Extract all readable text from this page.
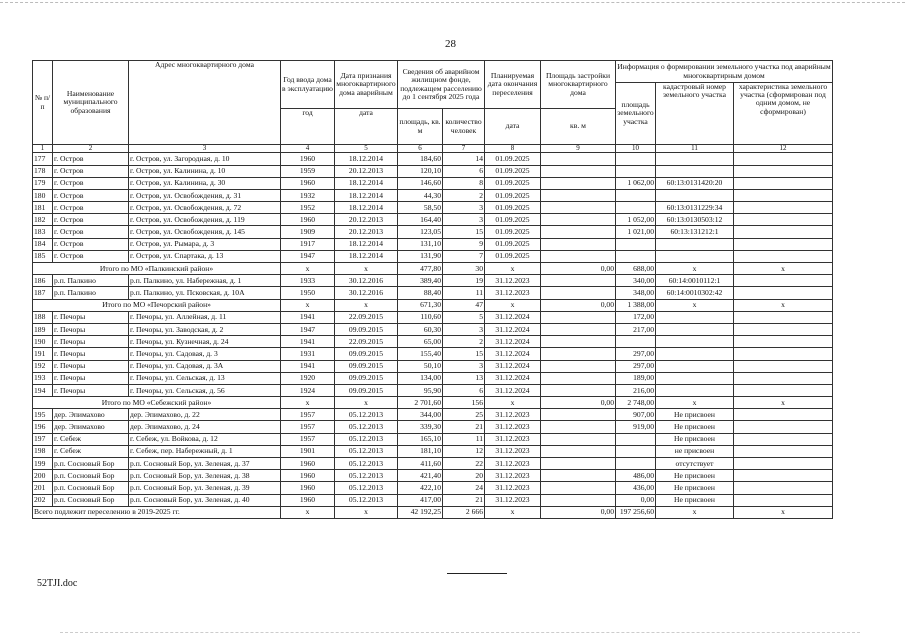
28
№ п/п	Наименование муниципального образования	Адрес многоквартирного дома	Год ввода дома в эксплуатацию	Дата признания многоквартирного дома аварийным	Сведения об аварийном жилищном фонде, подлежащем расселению до 1 сентября 2025 года		Планируемая дата окончания переселения	Площадь застройки многоквартирного дома	Информация о формировании земельного участка под аварийным многоквартирным домом		
									площадь земельного участка	кадастровый номер земельного участка	характеристика земельного участка (сформирован под одним домом, не сформирован)
			год	дата	площадь, кв. м	количество человек	дата	кв. м			
1	2	3	4	5	6	7	8	9	10	11	12
177	г. Остров	г. Остров, ул. Загородная, д. 10	1960	18.12.2014	184,60	14	01.09.2025				
178	г. Остров	г. Остров, ул. Калинина, д. 10	1959	20.12.2013	120,10	6	01.09.2025				
179	г. Остров	г. Остров, ул. Калинина, д. 30	1960	18.12.2014	146,60	8	01.09.2025		1 062,00	60:13:0131420:20	
180	г. Остров	г. Остров, ул. Освобождения, д. 31	1932	18.12.2014	44,30	2	01.09.2025				
181	г. Остров	г. Остров, ул. Освобождения, д. 72	1952	18.12.2014	58,50	3	01.09.2025			60:13:0131229:34	
182	г. Остров	г. Остров, ул. Освобождения, д. 119	1960	20.12.2013	164,40	3	01.09.2025		1 052,00	60:13:0130503:12	
183	г. Остров	г. Остров, ул. Освобождения, д. 145	1909	20.12.2013	123,05	15	01.09.2025		1 021,00	60:13:131212:1	
184	г. Остров	г. Остров, ул. Рымара, д. 3	1917	18.12.2014	131,10	9	01.09.2025				
185	г. Остров	г. Остров, ул. Спартака, д. 13	1947	18.12.2014	131,90	7	01.09.2025				
Итого по МО «Палкинский район»			х	х	477,80	30	х	0,00	688,00	х	х
186	р.п. Палкино	р.п. Палкино, ул. Набережная, д. 1	1933	30.12.2016	389,40	19	31.12.2023		340,00	60:14:0010112:1	
187	р.п. Палкино	р.п. Палкино, ул. Псковская, д. 10А	1950	30.12.2016	88,40	11	31.12.2023		348,00	60:14:0010302:42	
Итого по МО «Печорский район»			х	х	671,30	47	х	0,00	1 388,00	х	х
188	г. Печоры	г. Печоры, ул. Аллейная, д. 11	1941	22.09.2015	110,60	5	31.12.2024		172,00		
189	г. Печоры	г. Печоры, ул. Заводская, д. 2	1947	09.09.2015	60,30	3	31.12.2024		217,00		
190	г. Печоры	г. Печоры, ул. Кузнечная, д. 24	1941	22.09.2015	65,00	2	31.12.2024				
191	г. Печоры	г. Печоры, ул. Садовая, д. 3	1931	09.09.2015	155,40	15	31.12.2024		297,00		
192	г. Печоры	г. Печоры, ул. Садовая, д. 3А	1941	09.09.2015	50,10	3	31.12.2024		297,00		
193	г. Печоры	г. Печоры, ул. Сельская, д. 13	1920	09.09.2015	134,00	13	31.12.2024		189,00		
194	г. Печоры	г. Печоры, ул. Сельская, д. 56	1924	09.09.2015	95,90	6	31.12.2024		216,00		
Итого по МО «Себежский район»			х	х	2 701,60	156	х	0,00	2 748,00	х	х
195	дер. Эпимахово	дер. Эпимахово, д. 22	1957	05.12.2013	344,00	25	31.12.2023		907,00	Не присвоен	
196	дер. Эпимахово	дер. Эпимахово, д. 24	1957	05.12.2013	339,30	21	31.12.2023		919,00	Не присвоен	
197	г. Себеж	г. Себеж, ул. Войкова, д. 12	1957	05.12.2013	165,10	11	31.12.2023			Не присвоен	
198	г. Себеж	г. Себеж, пер. Набережный, д. 1	1901	05.12.2013	181,10	12	31.12.2023			не присвоен	
199	р.п. Сосновый Бор	р.п. Сосновый Бор, ул. Зеленая, д. 37	1960	05.12.2013	411,60	22	31.12.2023			отсутствует	
200	р.п. Сосновый Бор	р.п. Сосновый Бор, ул. Зеленая, д. 38	1960	05.12.2013	421,40	20	31.12.2023		486,00	Не присвоен	
201	р.п. Сосновый Бор	р.п. Сосновый Бор, ул. Зеленая, д. 39	1960	05.12.2013	422,10	24	31.12.2023		436,00	Не присвоен	
202	р.п. Сосновый Бор	р.п. Сосновый Бор, ул. Зеленая, д. 40	1960	05.12.2013	417,00	21	31.12.2023		0,00	Не присвоен	
Всего подлежит переселению в 2019-2025 гг.			х	х	42 192,25	2 666	х	0,00	197 256,60	х	х
52TJI.doc
